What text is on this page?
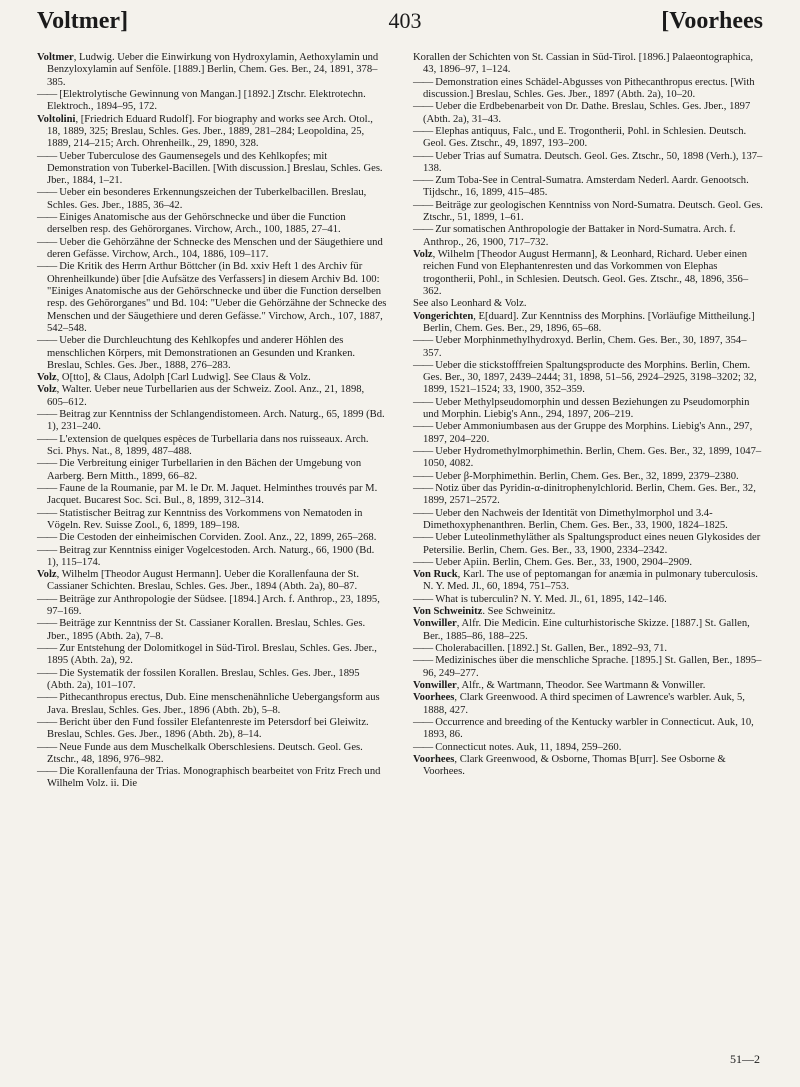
Voltmer]	403	[Voorhees

Voltmer, Ludwig. Ueber die Einwirkung von Hydroxylamin, Aethoxylamin und Benzyloxylamin auf Senföle. [1889.] Berlin, Chem. Ges. Ber., 24, 1891, 378–385.

—— [Elektrolytische Gewinnung von Mangan.] [1892.] Ztschr. Elektrotechn. Elektroch., 1894–95, 172.

Voltolini, [Friedrich Eduard Rudolf]. For biography and works see Arch. Otol., 18, 1889, 325; Breslau, Schles. Ges. Jber., 1889, 281–284; Leopoldina, 25, 1889, 214–215; Arch. Ohrenheilk., 29, 1890, 328.

—— Ueber Tuberculose des Gaumensegels und des Kehlkopfes; mit Demonstration von Tuberkel-Bacillen. [With discussion.] Breslau, Schles. Ges. Jber., 1884, 1–21.

—— Ueber ein besonderes Erkennungszeichen der Tuberkelbacillen. Breslau, Schles. Ges. Jber., 1885, 36–42.

—— Einiges Anatomische aus der Gehörschnecke und über die Function derselben resp. des Gehörorganes. Virchow, Arch., 100, 1885, 27–41.

—— Ueber die Gehörzähne der Schnecke des Menschen und der Säugethiere und deren Gefässe. Virchow, Arch., 104, 1886, 109–117.

—— Die Kritik des Herrn Arthur Böttcher (in Bd. xxiv Heft 1 des Archiv für Ohrenheilkunde) über [die Aufsätze des Verfassers] in diesem Archiv Bd. 100: "Einiges Anatomische aus der Gehörschnecke und über die Function derselben resp. des Gehörorganes" und Bd. 104: "Ueber die Gehörzähne der Schnecke des Menschen und der Säugethiere und deren Gefässe." Virchow, Arch., 107, 1887, 542–548.

—— Ueber die Durchleuchtung des Kehlkopfes und anderer Höhlen des menschlichen Körpers, mit Demonstrationen an Gesunden und Kranken. Breslau, Schles. Ges. Jber., 1888, 276–283.

Volz, O[tto], & Claus, Adolph [Carl Ludwig]. See Claus & Volz.

Volz, Walter. Ueber neue Turbellarien aus der Schweiz. Zool. Anz., 21, 1898, 605–612.

—— Beitrag zur Kenntniss der Schlangendistomeen. Arch. Naturg., 65, 1899 (Bd. 1), 231–240.

—— L'extension de quelques espèces de Turbellaria dans nos ruisseaux. Arch. Sci. Phys. Nat., 8, 1899, 487–488.

—— Die Verbreitung einiger Turbellarien in den Bächen der Umgebung von Aarberg. Bern Mitth., 1899, 66–82.

—— Faune de la Roumanie, par M. le Dr. M. Jaquet. Helminthes trouvés par M. Jacquet. Bucarest Soc. Sci. Bul., 8, 1899, 312–314.

—— Statistischer Beitrag zur Kenntniss des Vorkommens von Nematoden in Vögeln. Rev. Suisse Zool., 6, 1899, 189–198.

—— Die Cestoden der einheimischen Corviden. Zool. Anz., 22, 1899, 265–268.

—— Beitrag zur Kenntniss einiger Vogelcestoden. Arch. Naturg., 66, 1900 (Bd. 1), 115–174.

Volz, Wilhelm [Theodor August Hermann]. Ueber die Korallenfauna der St. Cassianer Schichten. Breslau, Schles. Ges. Jber., 1894 (Abth. 2a), 80–87.

—— Beiträge zur Anthropologie der Südsee. [1894.] Arch. f. Anthrop., 23, 1895, 97–169.

—— Beiträge zur Kenntniss der St. Cassianer Korallen. Breslau, Schles. Ges. Jber., 1895 (Abth. 2a), 7–8.

—— Zur Entstehung der Dolomitkogel in Süd-Tirol. Breslau, Schles. Ges. Jber., 1895 (Abth. 2a), 92.

—— Die Systematik der fossilen Korallen. Breslau, Schles. Ges. Jber., 1895 (Abth. 2a), 101–107.

—— Pithecanthropus erectus, Dub. Eine menschenähnliche Uebergangsform aus Java. Breslau, Schles. Ges. Jber., 1896 (Abth. 2b), 5–8.

—— Bericht über den Fund fossiler Elefantenreste im Petersdorf bei Gleiwitz. Breslau, Schles. Ges. Jber., 1896 (Abth. 2b), 8–14.

—— Neue Funde aus dem Muschelkalk Oberschlesiens. Deutsch. Geol. Ges. Ztschr., 48, 1896, 976–982.

—— Die Korallenfauna der Trias. Monographisch bearbeitet von Fritz Frech und Wilhelm Volz. ii. Die

Korallen der Schichten von St. Cassian in Süd-Tirol. [1896.] Palaeontographica, 43, 1896–97, 1–124.

—— Demonstration eines Schädel-Abgusses von Pithecanthropus erectus. [With discussion.] Breslau, Schles. Ges. Jber., 1897 (Abth. 2a), 10–20.

—— Ueber die Erdbebenarbeit von Dr. Dathe. Breslau, Schles. Ges. Jber., 1897 (Abth. 2a), 31–43.

—— Elephas antiquus, Falc., und E. Trogontherii, Pohl. in Schlesien. Deutsch. Geol. Ges. Ztschr., 49, 1897, 193–200.

—— Ueber Trias auf Sumatra. Deutsch. Geol. Ges. Ztschr., 50, 1898 (Verh.), 137–138.

—— Zum Toba-See in Central-Sumatra. Amsterdam Nederl. Aardr. Genootsch. Tijdschr., 16, 1899, 415–485.

—— Beiträge zur geologischen Kenntniss von Nord-Sumatra. Deutsch. Geol. Ges. Ztschr., 51, 1899, 1–61.

—— Zur somatischen Anthropologie der Battaker in Nord-Sumatra. Arch. f. Anthrop., 26, 1900, 717–732.

Volz, Wilhelm [Theodor August Hermann], & Leonhard, Richard. Ueber einen reichen Fund von Elephantenresten und das Vorkommen von Elephas trogontherii, Pohl., in Schlesien. Deutsch. Geol. Ges. Ztschr., 48, 1896, 356–362.

See also Leonhard & Volz.

Vongerichten, E[duard]. Zur Kenntniss des Morphins. [Vorläufige Mittheilung.] Berlin, Chem. Ges. Ber., 29, 1896, 65–68.

—— Ueber Morphinmethylhydroxyd. Berlin, Chem. Ges. Ber., 30, 1897, 354–357.

—— Ueber die stickstofffreien Spaltungsproducte des Morphins. Berlin, Chem. Ges. Ber., 30, 1897, 2439–2444; 31, 1898, 51–56, 2924–2925, 3198–3202; 32, 1899, 1521–1524; 33, 1900, 352–359.

—— Ueber Methylpseudomorphin und dessen Beziehungen zu Pseudomorphin und Morphin. Liebig's Ann., 294, 1897, 206–219.

—— Ueber Ammoniumbasen aus der Gruppe des Morphins. Liebig's Ann., 297, 1897, 204–220.

—— Ueber Hydromethylmorphimethin. Berlin, Chem. Ges. Ber., 32, 1899, 1047–1050, 4082.

—— Ueber β-Morphimethin. Berlin, Chem. Ges. Ber., 32, 1899, 2379–2380.

—— Notiz über das Pyridin-α-dinitrophenylchlorid. Berlin, Chem. Ges. Ber., 32, 1899, 2571–2572.

—— Ueber den Nachweis der Identität von Dimethylmorphol und 3.4-Dimethoxyphenanthren. Berlin, Chem. Ges. Ber., 33, 1900, 1824–1825.

—— Ueber Luteolinmethyläther als Spaltungsproduct eines neuen Glykosides der Petersilie. Berlin, Chem. Ges. Ber., 33, 1900, 2334–2342.

—— Ueber Apiin. Berlin, Chem. Ges. Ber., 33, 1900, 2904–2909.

Von Ruck, Karl. The use of peptomangan for anæmia in pulmonary tuberculosis. N. Y. Med. Jl., 60, 1894, 751–753.

—— What is tuberculin? N. Y. Med. Jl., 61, 1895, 142–146.

Von Schweinitz. See Schweinitz.

Vonwiller, Alfr. Die Medicin. Eine culturhistorische Skizze. [1887.] St. Gallen, Ber., 1885–86, 188–225.

—— Cholerabacillen. [1892.] St. Gallen, Ber., 1892–93, 71.

—— Medizinisches über die menschliche Sprache. [1895.] St. Gallen, Ber., 1895–96, 249–277.

Vonwiller, Alfr., & Wartmann, Theodor. See Wartmann & Vonwiller.

Voorhees, Clark Greenwood. A third specimen of Lawrence's warbler. Auk, 5, 1888, 427.

—— Occurrence and breeding of the Kentucky warbler in Connecticut. Auk, 10, 1893, 86.

—— Connecticut notes. Auk, 11, 1894, 259–260.

Voorhees, Clark Greenwood, & Osborne, Thomas B[urr]. See Osborne & Voorhees.

51—2
